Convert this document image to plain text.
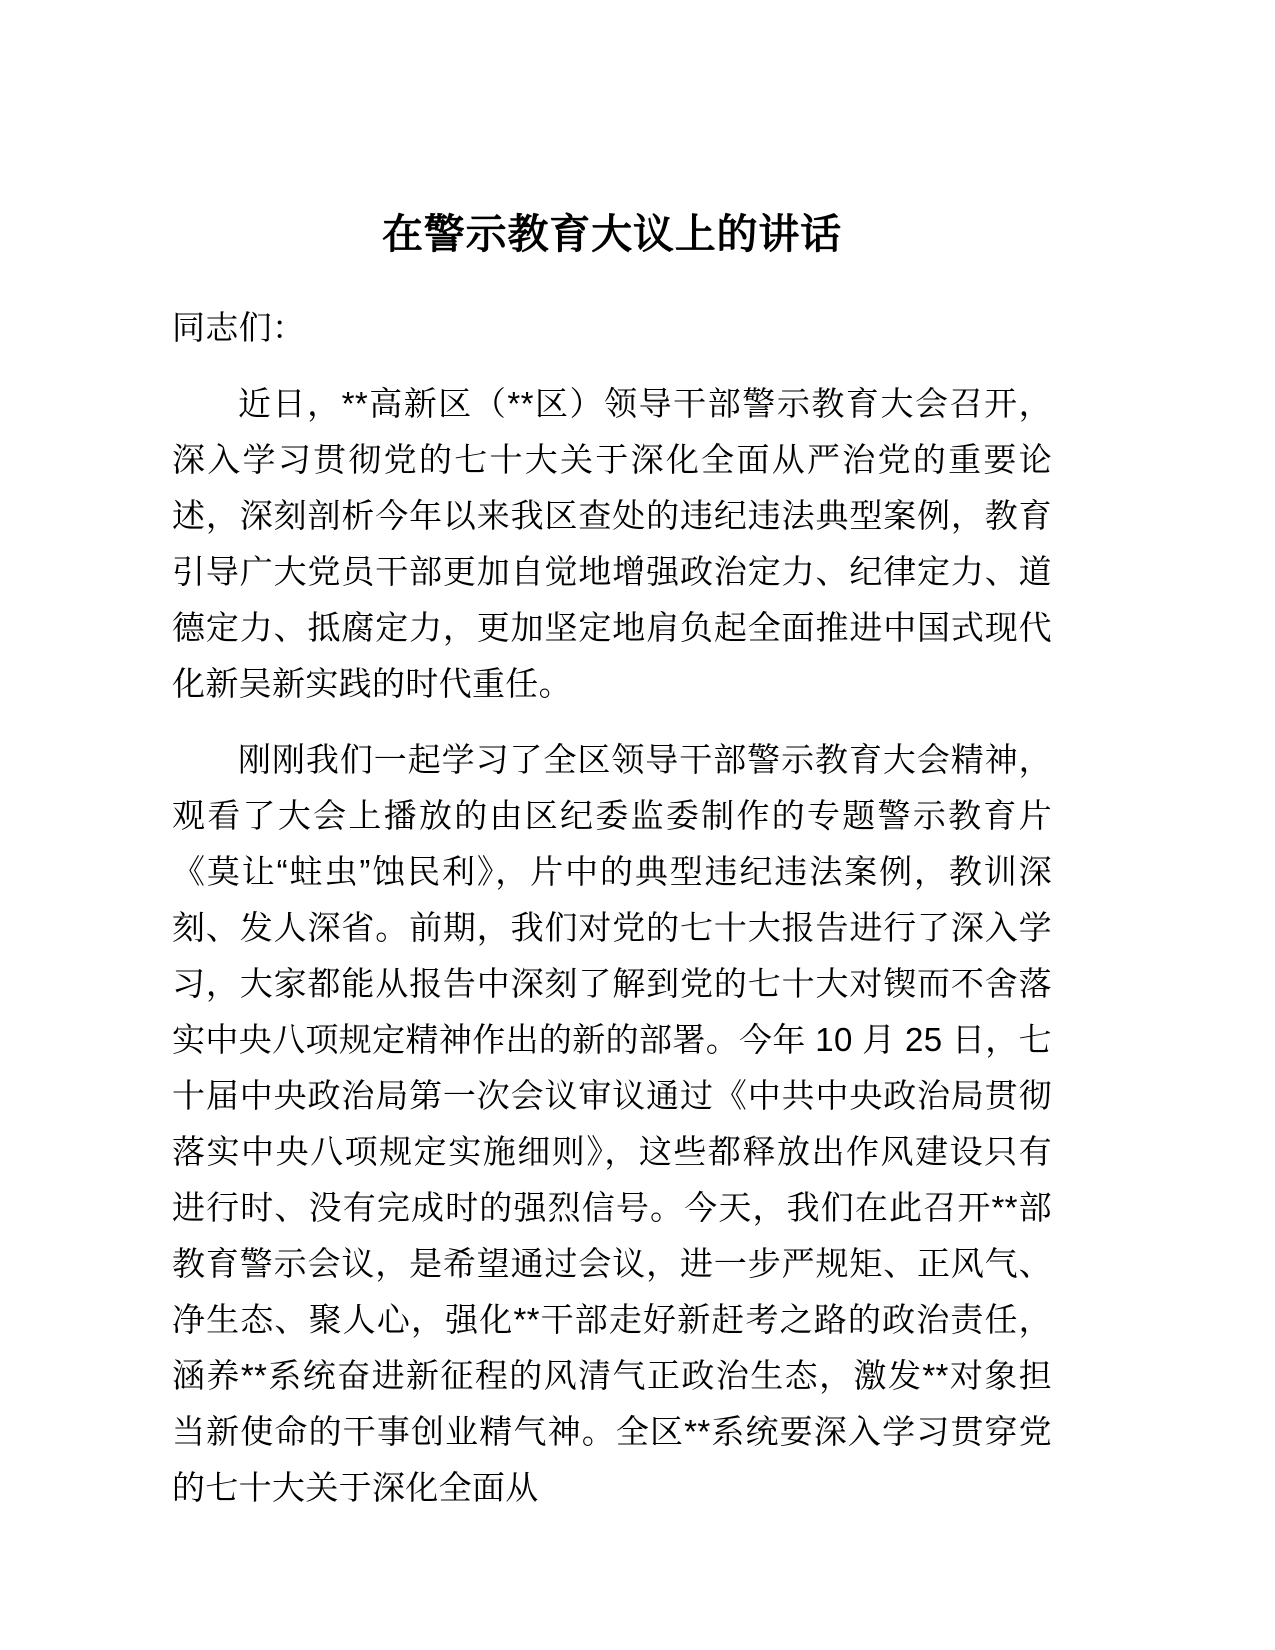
在警示教育大议上的讲话

同志们：

近日，**高新区（**区）领导干部警示教育大会召开，深入学习贯彻党的七十大关于深化全面从严治党的重要论述，深刻剖析今年以来我区查处的违纪违法典型案例，教育引导广大党员干部更加自觉地增强政治定力、纪律定力、道德定力、抵腐定力，更加坚定地肩负起全面推进中国式现代化新吴新实践的时代重任。

刚刚我们一起学习了全区领导干部警示教育大会精神，观看了大会上播放的由区纪委监委制作的专题警示教育片《莫让“蛀虫”蚀民利》，片中的典型违纪违法案例，教训深刻、发人深省。前期，我们对党的七十大报告进行了深入学习，大家都能从报告中深刻了解到党的七十大对锲而不舍落实中央八项规定精神作出的新的部署。今年 10 月 25 日，七十届中央政治局第一次会议审议通过《中共中央政治局贯彻落实中央八项规定实施细则》，这些都释放出作风建设只有进行时、没有完成时的强烈信号。今天，我们在此召开**部教育警示会议，是希望通过会议，进一步严规矩、正风气、净生态、聚人心，强化**干部走好新赶考之路的政治责任，涵养**系统奋进新征程的风清气正政治生态，激发**对象担当新使命的干事创业精气神。全区**系统要深入学习贯穿党的七十大关于深化全面从
